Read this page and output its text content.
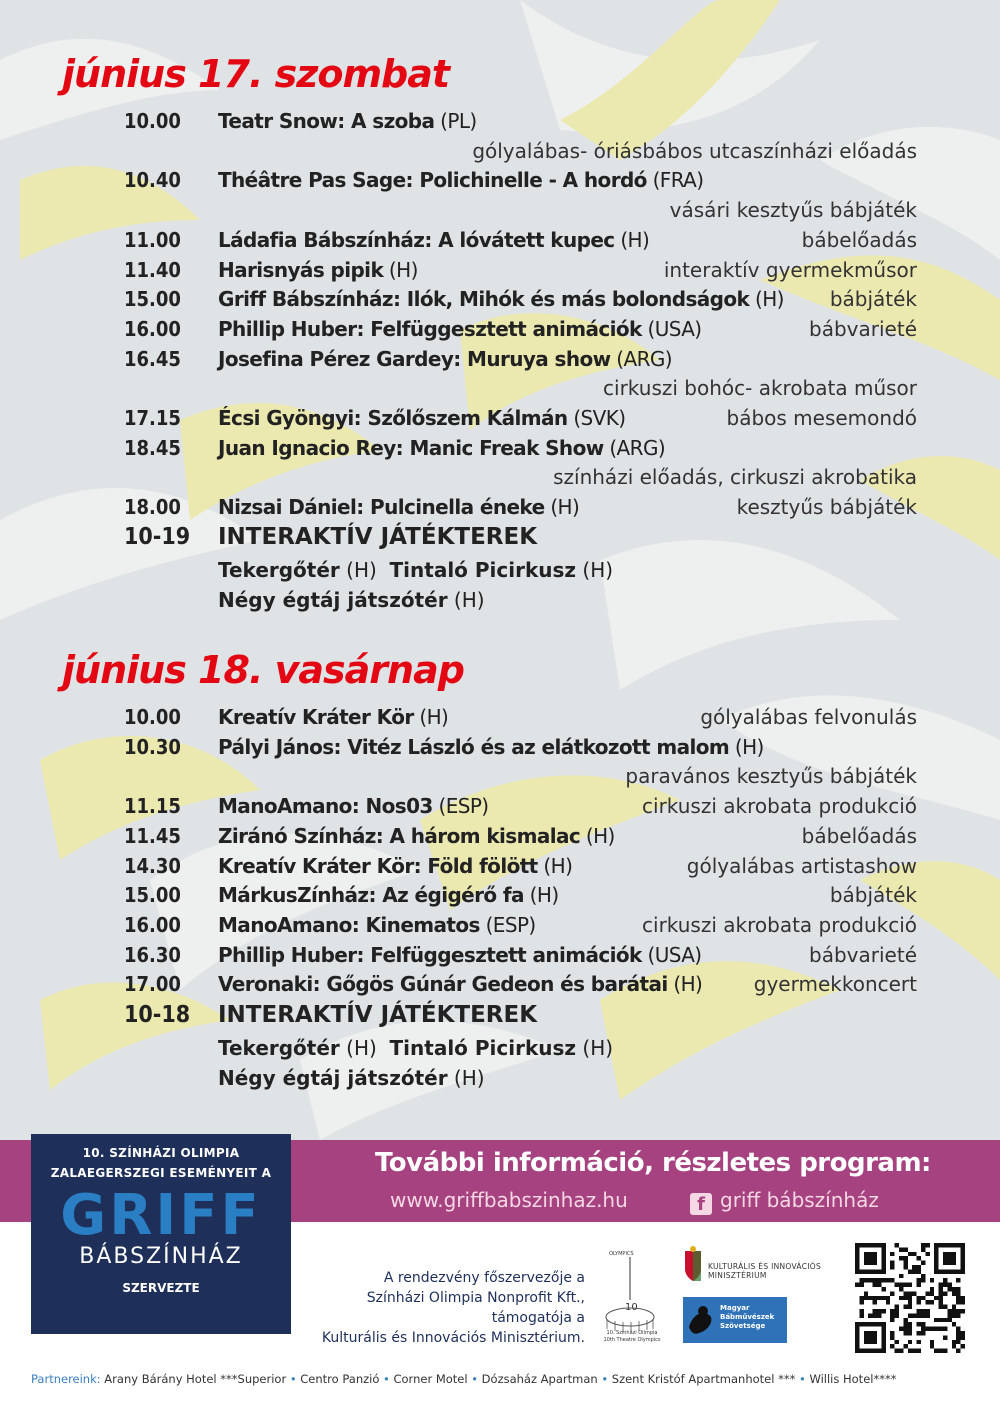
június 17. szombat
10.00 Teatr Snow: A szoba (PL)
gólyalábas- óriásbábos utcaszínházi előadás
10.40 Théâtre Pas Sage: Polichinelle - A hordó (FRA)
vásári kesztyűs bábjáték
11.00 Ládafia Bábszínház: A lóvátett kupec (H)	bábelőadás
11.40 Harisnyás pipik (H)	interaktív gyermekműsor
15.00 Griff Bábszínház: Ilók, Mihók és más bolondságok (H) bábjáték
16.00 Phillip Huber: Felfüggesztett animációk (USA)	bábvarieté
16.45 Josefina Pérez Gardey: Muruya show (ARG)
cirkuszi bohóc- akrobata műsor
17.15 Écsi Gyöngyi: Szőlőszem Kálmán (SVK)	bábos mesemondó
18.45 Juan Ignacio Rey: Manic Freak Show (ARG)
színházi előadás, cirkuszi akrobatika
18.00 Nizsai Dániel: Pulcinella éneke (H)	kesztyűs bábjáték
10-19 INTERAKTÍV JÁTÉKTEREK
Tekergőtér (H) Tintaló Picirkusz (H)
Négy égtáj játszótér (H)
június 18. vasárnap
10.00 Kreatív Kráter Kör (H)	gólyalábas felvonulás
10.30 Pályi János: Vitéz László és az elátkozott malom (H)
paravános kesztyűs bábjáték
11.15 ManoAmano: Nos03 (ESP)	cirkuszi akrobata produkció
11.45 Ziránó Színház: A három kismalac (H)	bábelőadás
14.30 Kreatív Kráter Kör: Föld fölött (H)	gólyalábas artistashow
15.00 MárkusZínház: Az égigérő fa (H)	bábjáték
16.00 ManoAmano: Kinematos (ESP)	cirkuszi akrobata produkció
16.30 Phillip Huber: Felfüggesztett animációk (USA)	bábvarieté
17.00 Veronaki: Gőgös Gúnár Gedeon és barátai (H)	gyermekkoncert
10-18 INTERAKTÍV JÁTÉKTEREK
Tekergőtér (H) Tintaló Picirkusz (H)
Négy égtáj játszótér (H)
További információ, részletes program:
www.griffbabszinhaz.hu	f griff bábszínház
10. SZÍNHÁZI OLIMPIA
ZALAEGERSZEGI ESEMÉNYEIT A
GRIFF
BÁBSZÍNHÁZ
SZERVEZTE
A rendezvény főszervezője a
Színházi Olimpia Nonprofit Kft.,
támogatója a
Kulturális és Innovációs Minisztérium.
OLYMPICS
10
10. Színházi Olimpia
10th Theatre Olympics
KULTURÁLIS ÉS INNOVÁCIÓS
MINISZTÉRIUM
Magyar
Bábművészek
Szövetsége
Partnereink: Arany Bárány Hotel ***Superior • Centro Panzió • Corner Motel • Dózsaház Apartman • Szent Kristóf Apartmanhotel *** • Willis Hotel****
